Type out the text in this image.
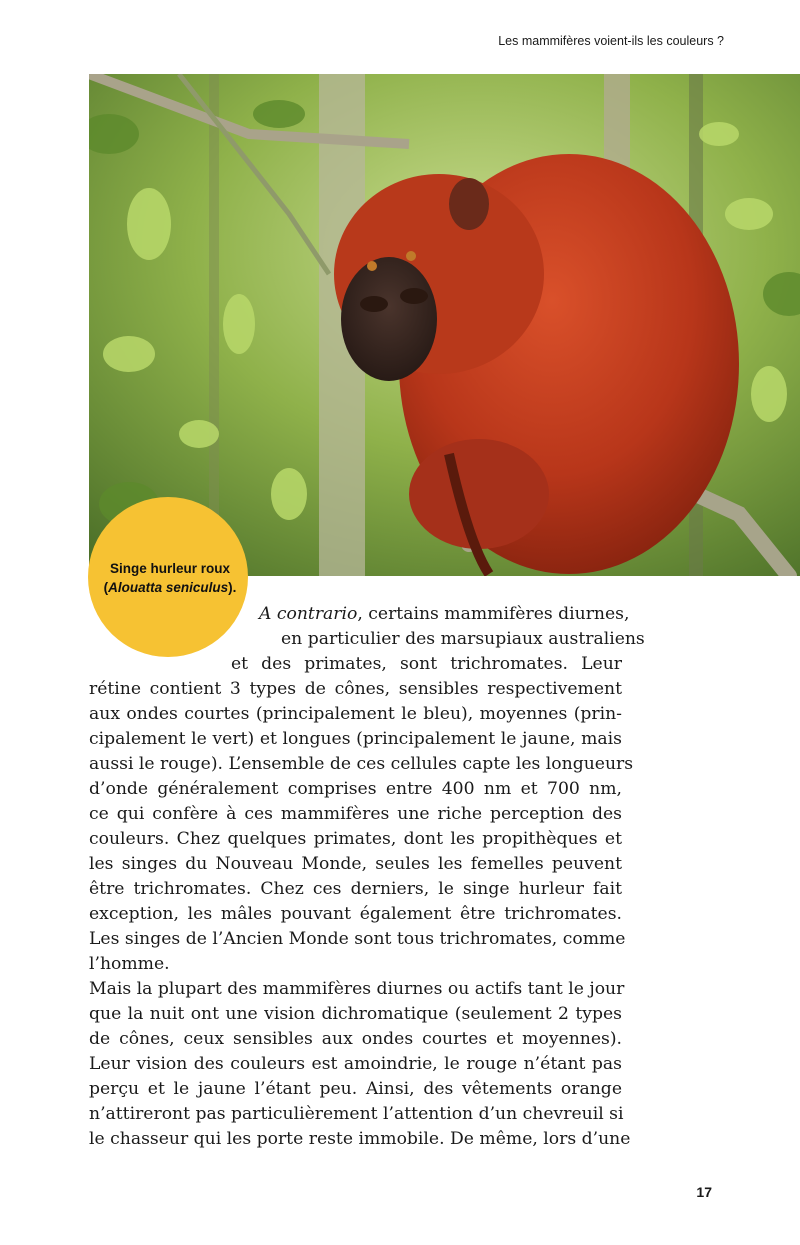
Les mammifères voient-ils les couleurs ?
Singe hurleur roux
(Alouatta seniculus).
A contrario, certains mammifères diurnes,
en particulier des marsupiaux australiens
et des primates, sont trichromates. Leur
rétine contient 3 types de cônes, sensibles respectivement
aux ondes courtes (principalement le bleu), moyennes (prin-
cipalement le vert) et longues (principalement le jaune, mais
aussi le rouge). L’ensemble de ces cellules capte les longueurs
d’onde généralement comprises entre 400 nm et 700 nm,
ce qui confère à ces mammifères une riche perception des
couleurs. Chez quelques primates, dont les propithèques et
les singes du Nouveau Monde, seules les femelles peuvent
être trichromates. Chez ces derniers, le singe hurleur fait
exception, les mâles pouvant également être trichromates.
Les singes de l’Ancien Monde sont tous trichromates, comme
l’homme.
Mais la plupart des mammifères diurnes ou actifs tant le jour
que la nuit ont une vision dichromatique (seulement 2 types
de cônes, ceux sensibles aux ondes courtes et moyennes).
Leur vision des couleurs est amoindrie, le rouge n’étant pas
perçu et le jaune l’étant peu. Ainsi, des vêtements orange
n’attireront pas particulièrement l’attention d’un chevreuil si
le chasseur qui les porte reste immobile. De même, lors d’une
17
